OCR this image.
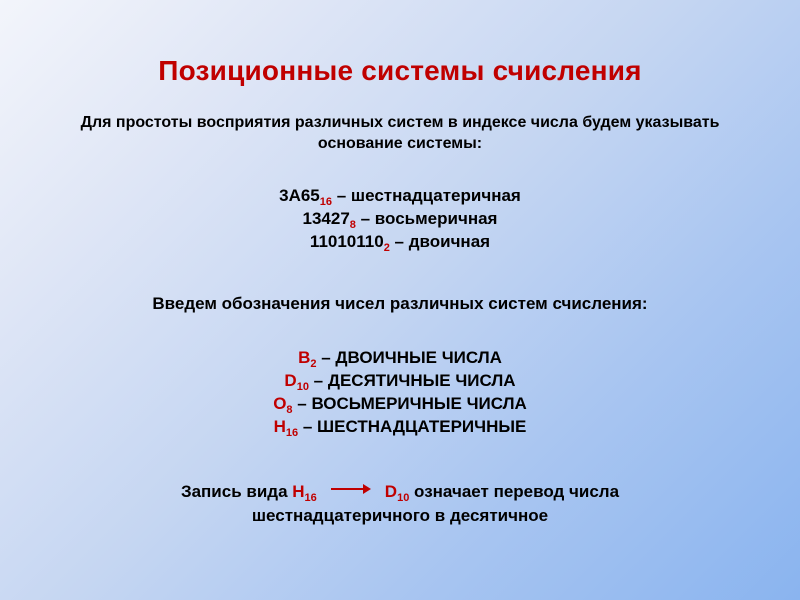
Позиционные системы счисления
Для простоты восприятия различных систем в индексе числа будем указывать основание системы:
$3A65_{16}$ – шестнадцатеричная
$13427_8$ – восьмеричная
$11010110_2$ – двоичная
Введем обозначения чисел различных систем счисления:
$B_2$ – ДВОИЧНЫЕ ЧИСЛА
$D_{10}$ – ДЕСЯТИЧНЫЕ ЧИСЛА
$O_8$ – ВОСЬМЕРИЧНЫЕ ЧИСЛА
$H_{16}$ – ШЕСТНАДЦАТЕРИЧНЫЕ
Запись вида $H_{16}$	$D_{10}$ означает перевод числа
шестнадцатеричного в десятичное
